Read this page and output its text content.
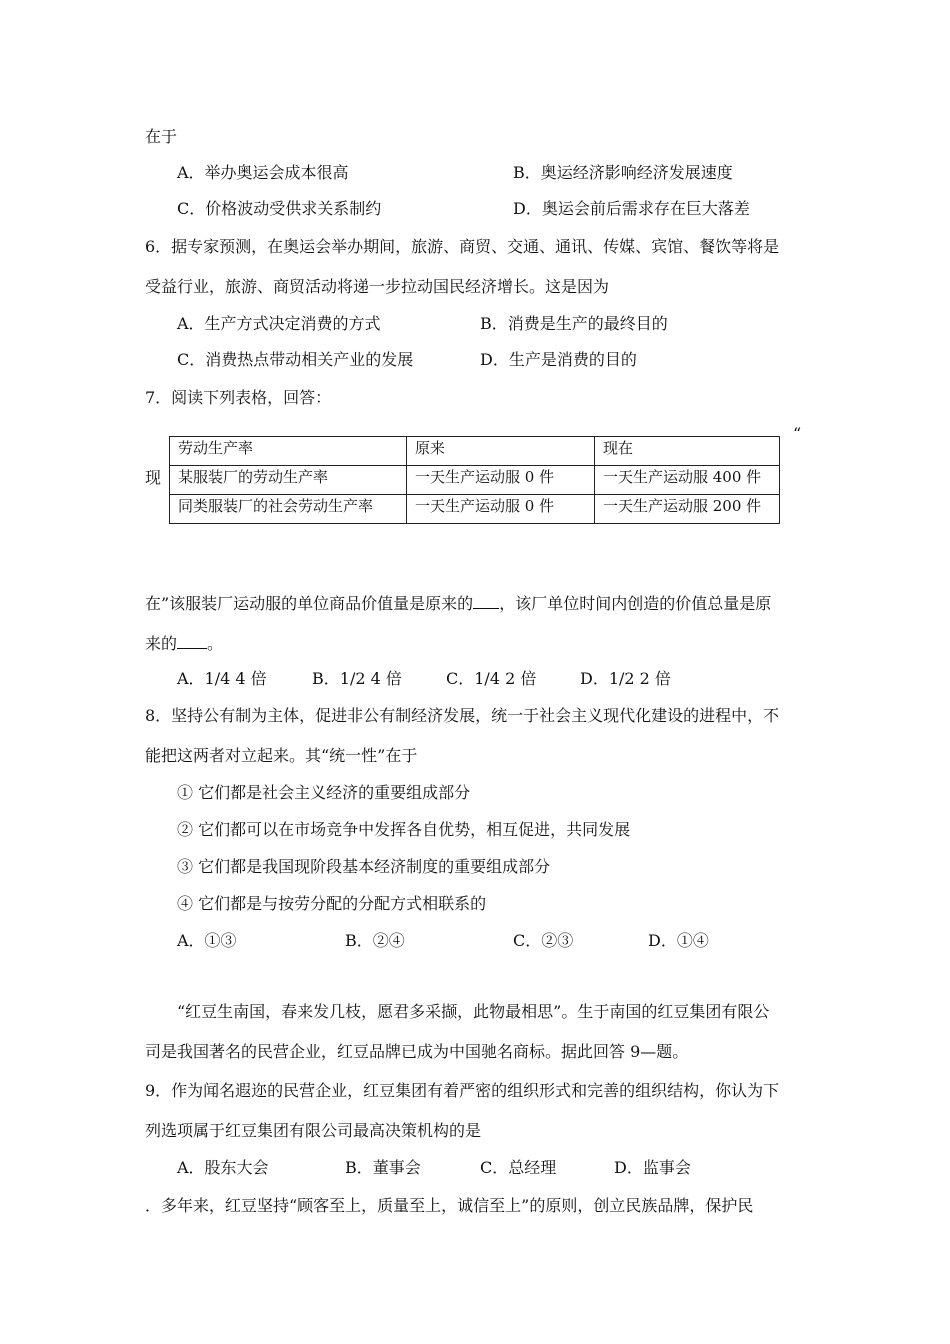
在于
A．举办奥运会成本很高	B．奥运经济影响经济发展速度
C．价格波动受供求关系制约	D．奥运会前后需求存在巨大落差
6．据专家预测，在奥运会举办期间，旅游、商贸、交通、通讯、传媒、宾馆、餐饮等将是
受益行业，旅游、商贸活动将递一步拉动国民经济增长。这是因为
A．生产方式决定消费的方式	B．消费是生产的最终目的
C．消费热点带动相关产业的发展	D．生产是消费的目的
7．阅读下列表格，回答：
“
现
劳动生产率	原来	现在
某服装厂的劳动生产率	一天生产运动服 0 件	一天生产运动服 400 件
同类服装厂的社会劳动生产率	一天生产运动服 0 件	一天生产运动服 200 件
在”该服装厂运动服的单位商品价值量是原来的 ，该厂单位时间内创造的价值总量是原
来的 。
A．1/4 4 倍	B．1/2 4 倍	C．1/4 2 倍	D．1/2 2 倍
8．坚持公有制为主体，促进非公有制经济发展，统一于社会主义现代化建设的进程中，不
能把这两者对立起来。其“统一性”在于
① 它们都是社会主义经济的重要组成部分
② 它们都可以在市场竞争中发挥各自优势，相互促进，共同发展
③ 它们都是我国现阶段基本经济制度的重要组成部分
④ 它们都是与按劳分配的分配方式相联系的
A．①③	B．②④	C．②③	D．①④
“红豆生南国，春来发几枝，愿君多采撷，此物最相思”。生于南国的红豆集团有限公
司是我国著名的民营企业，红豆品牌已成为中国驰名商标。据此回答 9—题。
9．作为闻名遐迩的民营企业，红豆集团有着严密的组织形式和完善的组织结构，你认为下
列选项属于红豆集团有限公司最高决策机构的是
A．股东大会	B．董事会	C．总经理	D．监事会
．多年来，红豆坚持“顾客至上，质量至上，诚信至上”的原则，创立民族品牌，保护民
